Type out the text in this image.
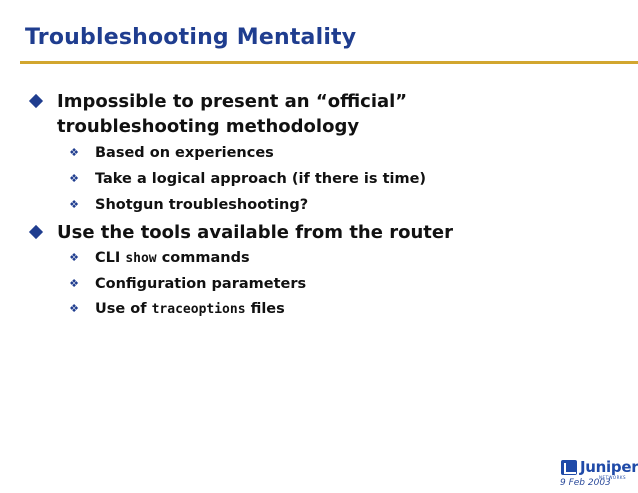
Troubleshooting Mentality
Impossible to present an “official”
troubleshooting methodology
❖ Based on experiences
❖ Take a logical approach (if there is time)
❖ Shotgun troubleshooting?
Use the tools available from the router
❖ CLI show commands
❖ Configuration parameters
❖ Use of traceoptions files
Juniper
NETWORKS
9 Feb 2003
